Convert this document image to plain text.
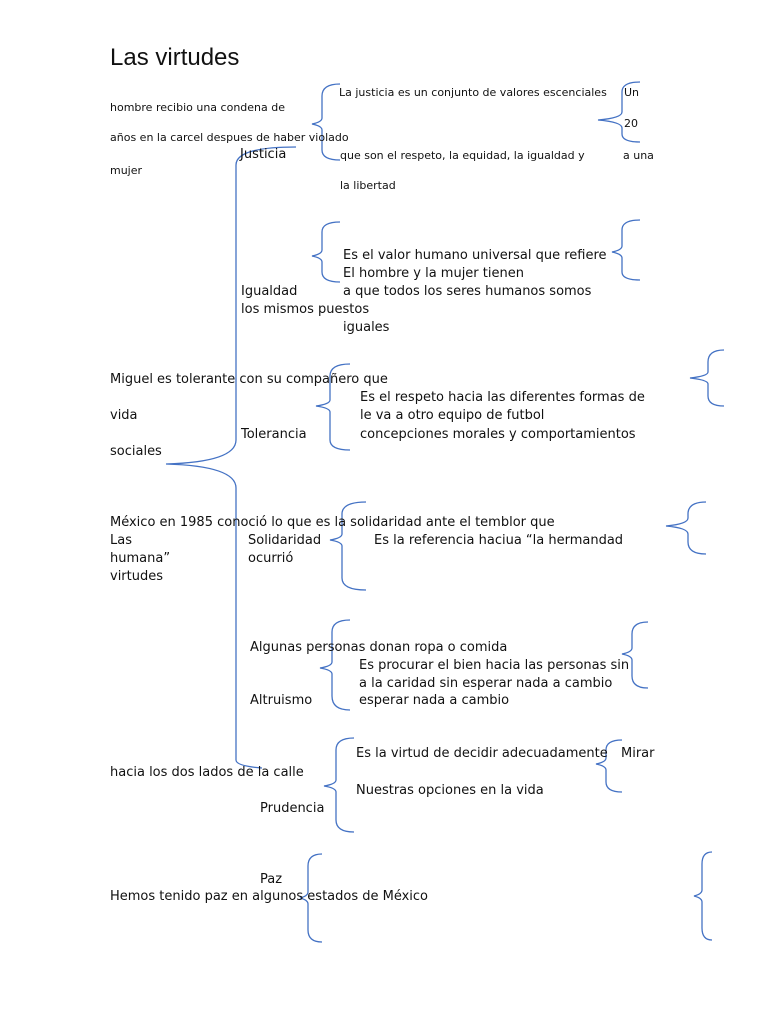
Las virtudes
La justicia es un conjunto de valores escenciales Un
hombre recibio una condena de
20
años en la carcel despues de haber violado
Justicia	que son el respeto, la equidad, la igualdad y	a una
mujer
la libertad
Es el valor humano universal que refiere
El hombre y la mujer tienen
Igualdad	a que todos los seres humanos somos
los mismos puestos
iguales
Miguel es tolerante con su compañero que
Es el respeto hacia las diferentes formas de
vida	le va a otro equipo de futbol
Tolerancia	concepciones morales y comportamientos
sociales
México en 1985 conoció lo que es la solidaridad ante el temblor que
Las	Solidaridad	Es la referencia haciua “la hermandad
humana”	ocurrió
virtudes
Algunas personas donan ropa o comida
Es procurar el bien hacia las personas sin
a la caridad sin esperar nada a cambio
Altruismo	esperar nada a cambio
Es la virtud de decidir adecuadamente Mirar
hacia los dos lados de la calle
Nuestras opciones en la vida
Prudencia
Paz
Hemos tenido paz en algunos estados de México
